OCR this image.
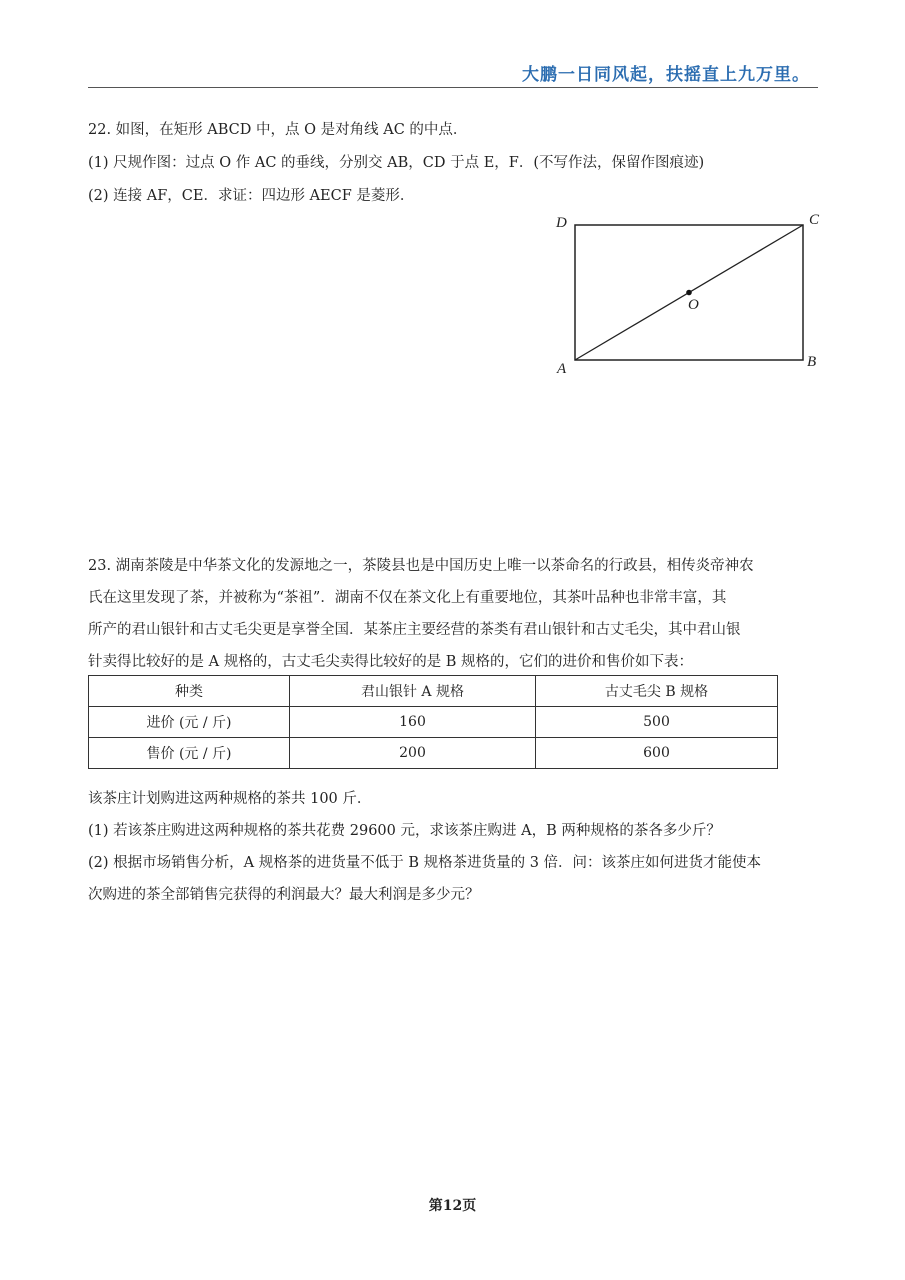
大鹏一日同风起，扶摇直上九万里。
22. 如图，在矩形 ABCD 中，点 O 是对角线 AC 的中点．
(1) 尺规作图：过点 O 作 AC 的垂线，分别交 AB，CD 于点 E，F．(不写作法，保留作图痕迹)
(2) 连接 AF，CE．求证：四边形 AECF 是菱形．
D	C
O
A	B
23. 湖南茶陵是中华茶文化的发源地之一，茶陵县也是中国历史上唯一以茶命名的行政县，相传炎帝神农
氏在这里发现了茶，并被称为“茶祖”．湖南不仅在茶文化上有重要地位，其茶叶品种也非常丰富，其
所产的君山银针和古丈毛尖更是享誉全国．某茶庄主要经营的茶类有君山银针和古丈毛尖，其中君山银
针卖得比较好的是 A 规格的，古丈毛尖卖得比较好的是 B 规格的，它们的进价和售价如下表：
种类	君山银针 A 规格	古丈毛尖 B 规格
进价 (元 / 斤)	160	500
售价 (元 / 斤)	200	600
该茶庄计划购进这两种规格的茶共 100 斤．
(1) 若该茶庄购进这两种规格的茶共花费 29600 元，求该茶庄购进 A，B 两种规格的茶各多少斤？
(2) 根据市场销售分析，A 规格茶的进货量不低于 B 规格茶进货量的 3 倍．问：该茶庄如何进货才能使本
次购进的茶全部销售完获得的利润最大？最大利润是多少元？
第12页
